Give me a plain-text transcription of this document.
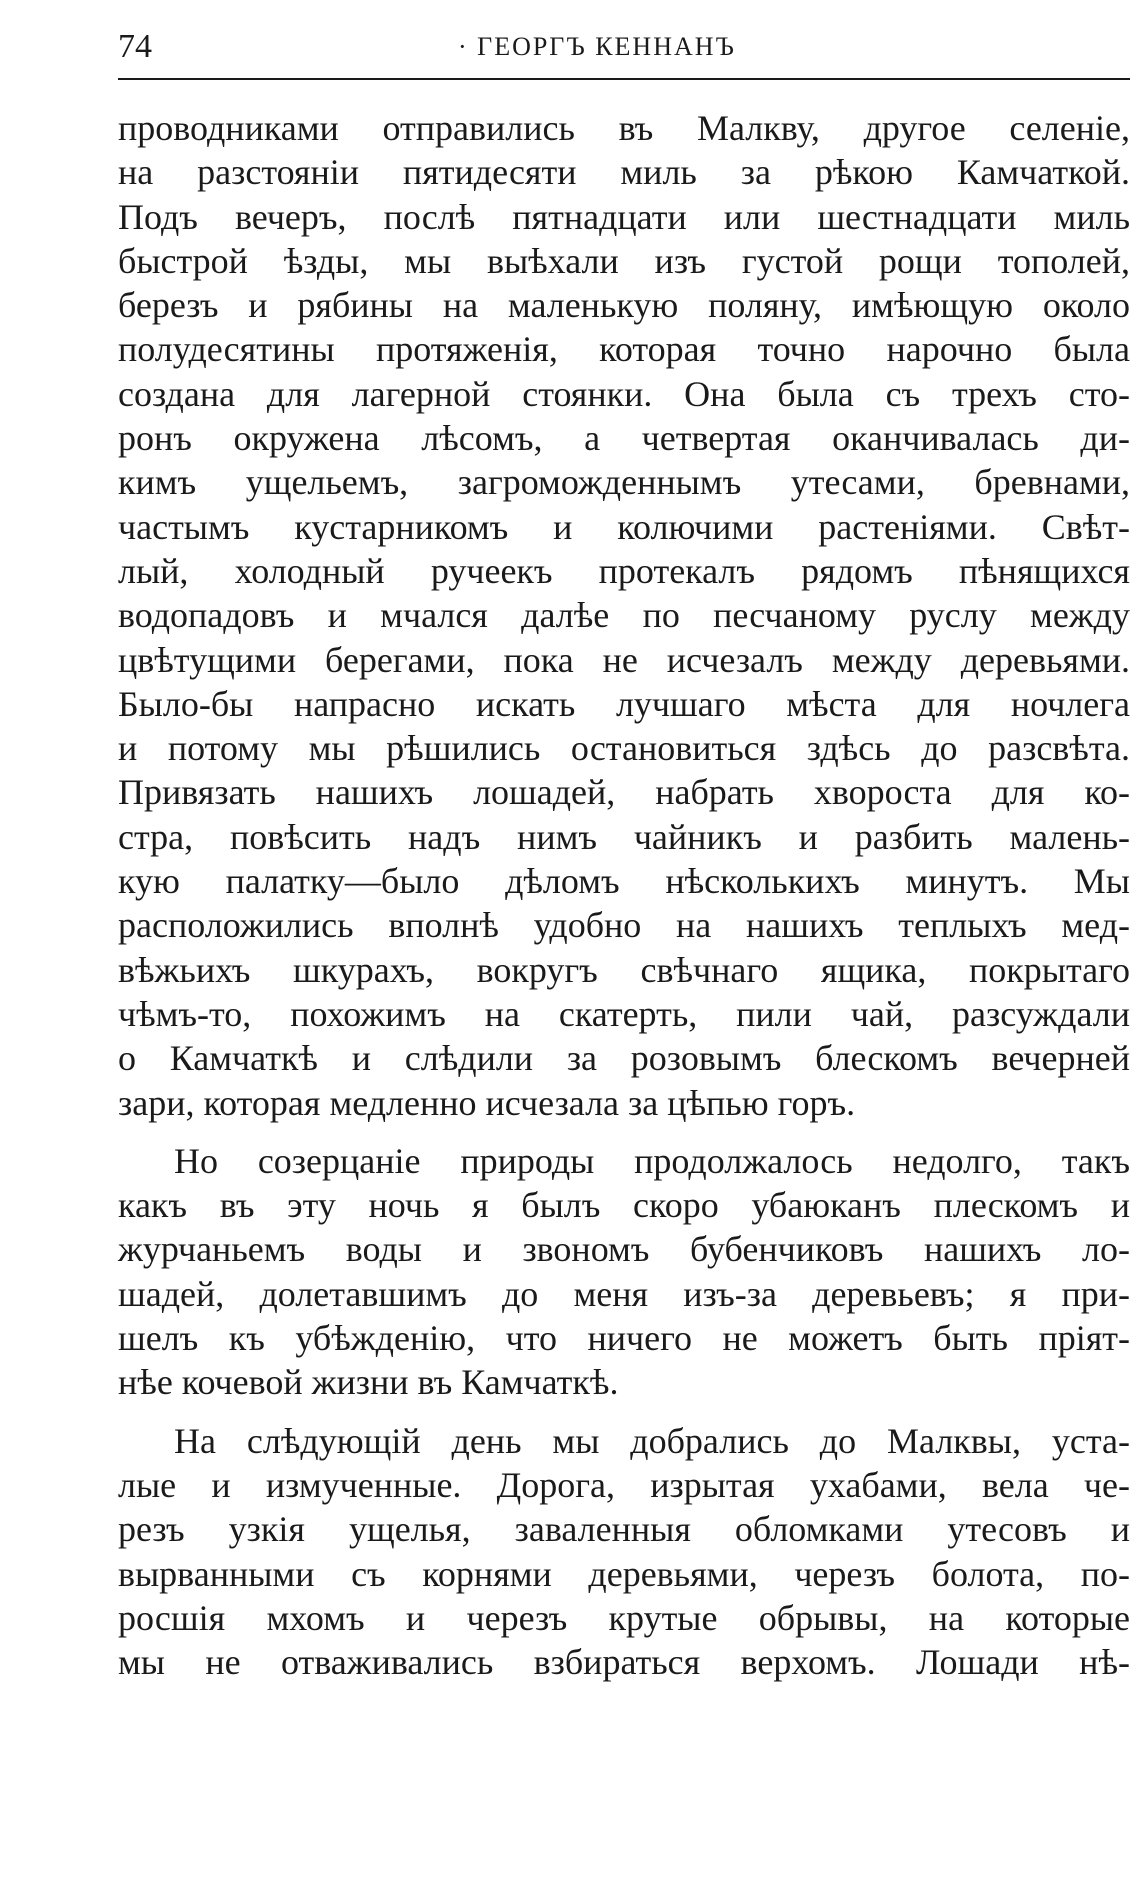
74	· ГЕОРГЪ КЕННАНЪ
проводниками отправились въ Малкву, другое селеніе,
на разстояніи пятидесяти миль за рѣкою Камчаткой.
Подъ вечеръ, послѣ пятнадцати или шестнадцати миль
быстрой ѣзды, мы выѣхали изъ густой рощи тополей,
березъ и рябины на маленькую поляну, имѣющую около
полудесятины протяженія, которая точно нарочно была
создана для лагерной стоянки. Она была съ трехъ сто-
ронъ окружена лѣсомъ, а четвертая оканчивалась ди-
кимъ ущельемъ, загроможденнымъ утесами, бревнами,
частымъ кустарникомъ и колючими растеніями. Свѣт-
лый, холодный ручеекъ протекалъ рядомъ пѣнящихся
водопадовъ и мчался далѣе по песчаному руслу между
цвѣтущими берегами, пока не исчезалъ между деревьями.
Было-бы напрасно искать лучшаго мѣста для ночлега
и потому мы рѣшились остановиться здѣсь до разсвѣта.
Привязать нашихъ лошадей, набрать хвороста для ко-
стра, повѣсить надъ нимъ чайникъ и разбить малень-
кую палатку—было дѣломъ нѣсколькихъ минутъ. Мы
расположились вполнѣ удобно на нашихъ теплыхъ мед-
вѣжьихъ шкурахъ, вокругъ свѣчнаго ящика, покрытаго
чѣмъ-то, похожимъ на скатерть, пили чай, разсуждали
о Камчаткѣ и слѣдили за розовымъ блескомъ вечерней
зари, которая медленно исчезала за цѣпью горъ.
Но созерцаніе природы продолжалось недолго, такъ
какъ въ эту ночь я былъ скоро убаюканъ плескомъ и
журчаньемъ воды и звономъ бубенчиковъ нашихъ ло-
шадей, долетавшимъ до меня изъ-за деревьевъ; я при-
шелъ къ убѣжденію, что ничего не можетъ быть пріят-
нѣе кочевой жизни въ Камчаткѣ.
На слѣдующій день мы добрались до Малквы, уста-
лые и измученные. Дорога, изрытая ухабами, вела че-
резъ узкія ущелья, заваленныя обломками утесовъ и
вырванными съ корнями деревьями, черезъ болота, по-
росшія мхомъ и черезъ крутые обрывы, на которые
мы не отваживались взбираться верхомъ. Лошади нѣ-
